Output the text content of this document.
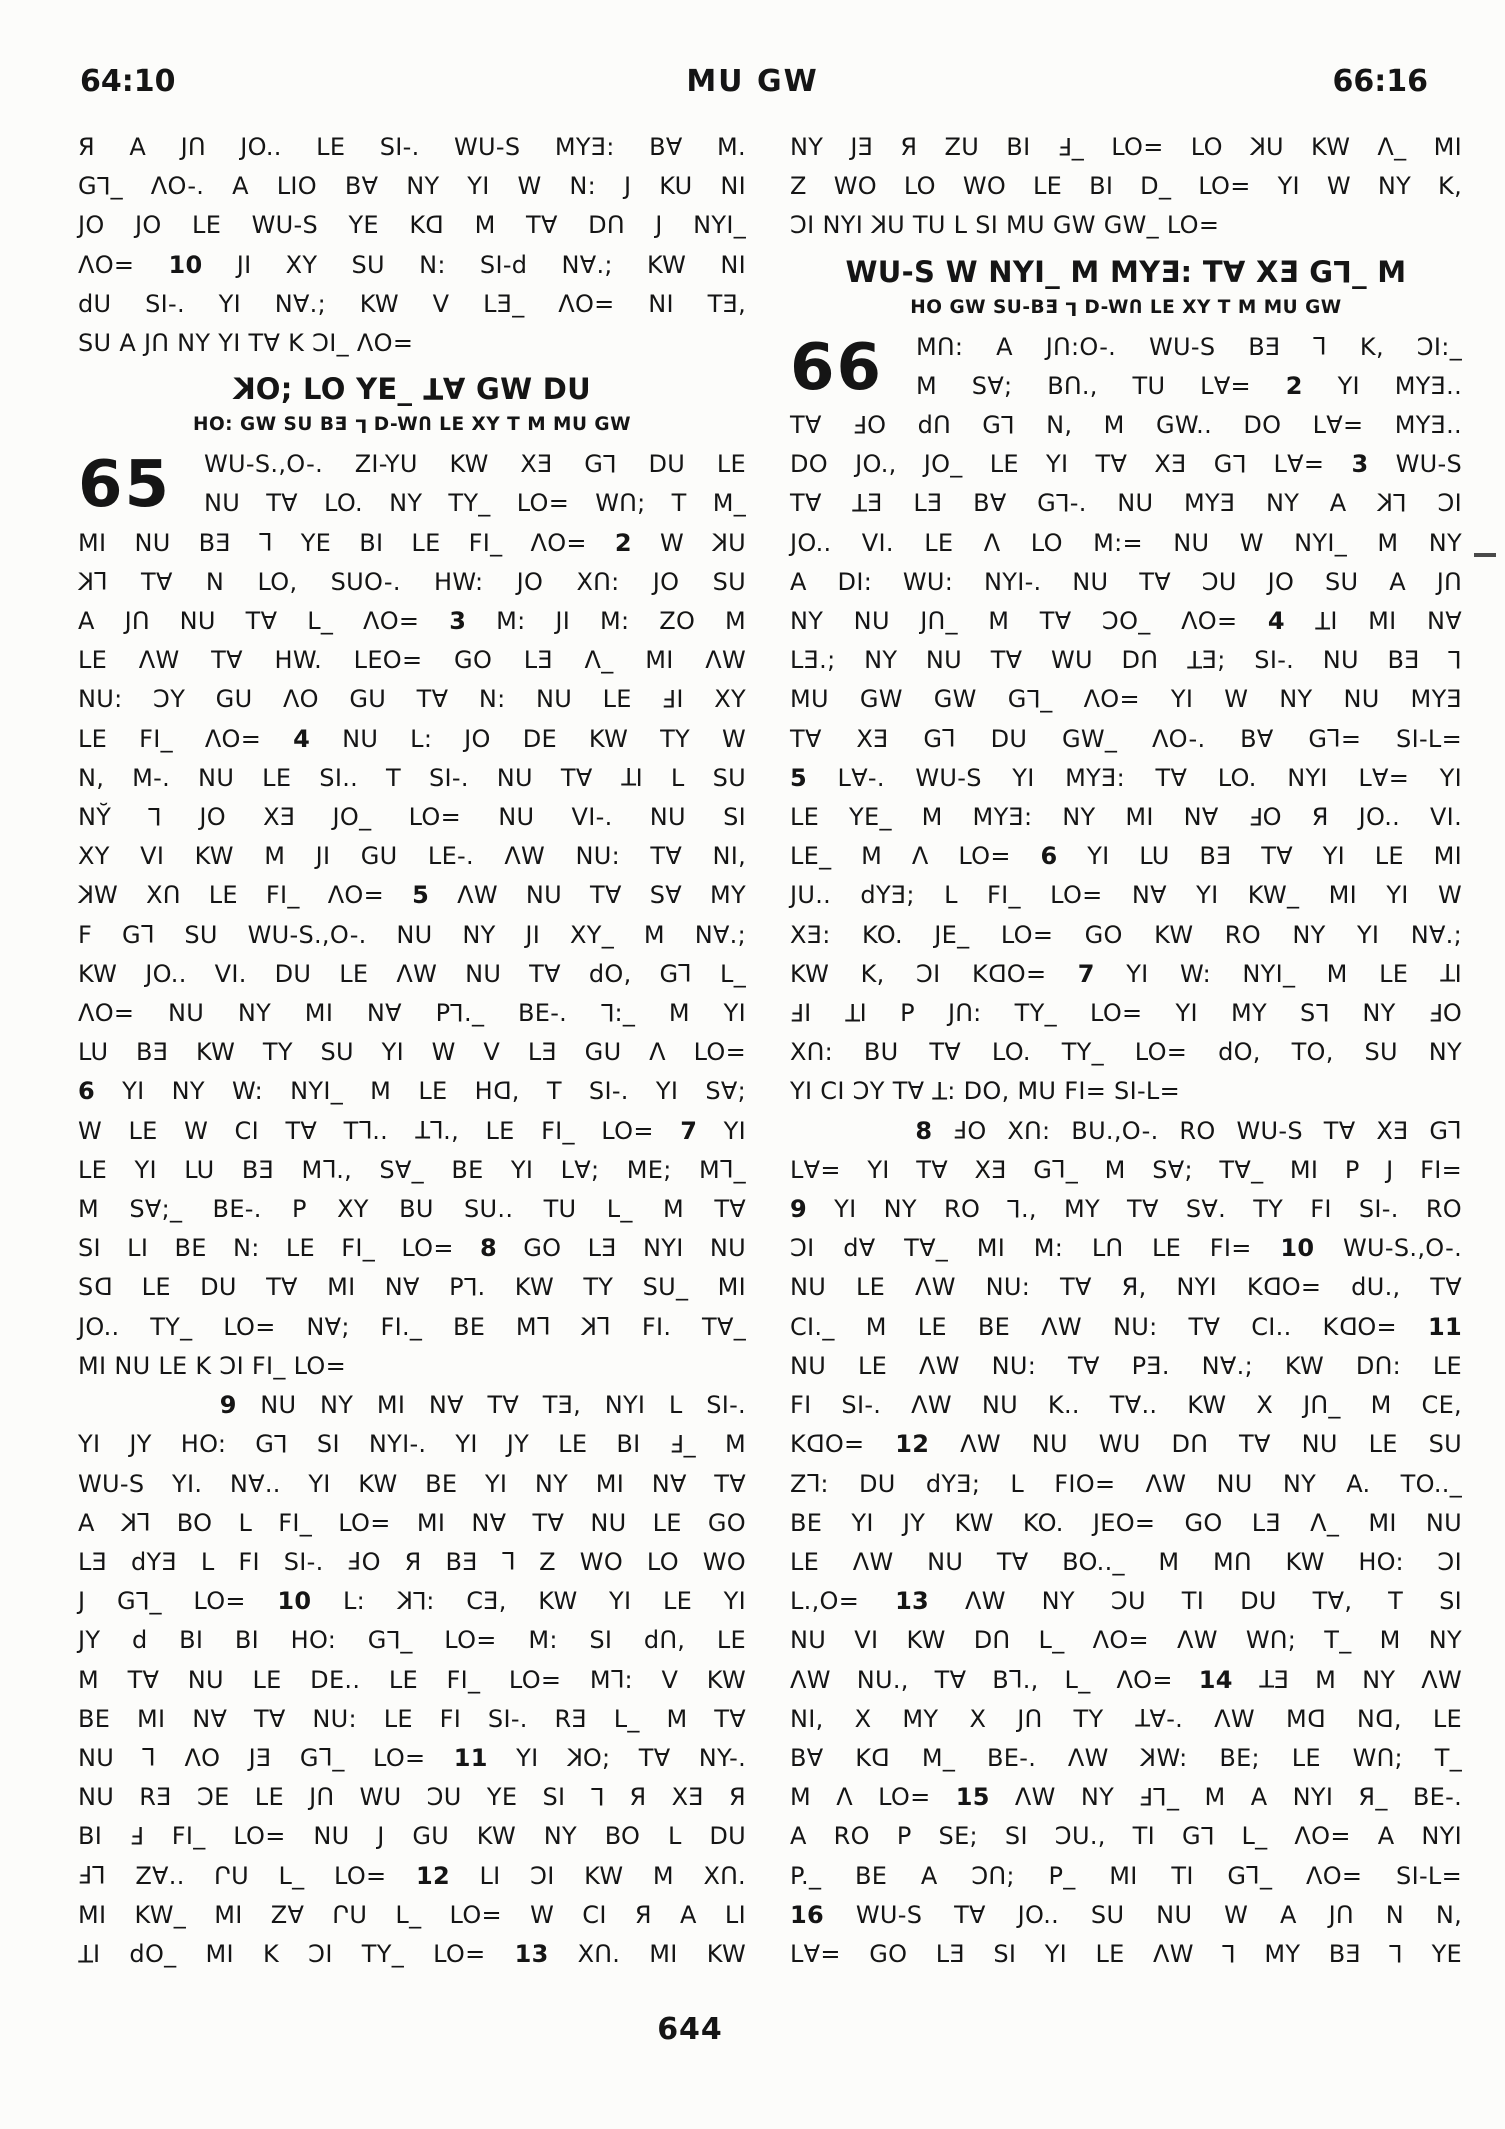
64:10	MU GW	66:16
Я A JՈ JO.. LE SI-. WU-S MYƎ: B∀ M.
GL_ ΛO-. A LIO B∀ NY YI W N: J KU NI
JO JO LE WU-S YE KD M T∀ DՈ J NYI_
ΛO= 10 JI XY SU N: SI-d N∀.; KW NI
dU SI-. YI N∀.; KW V LƎ_ ΛO= NI TƎ,
SU A JՈ NY YI T∀ K ƆI_ ΛO=
KO; LO YE_ T∀ GW DU
HO: GW SU BƎ L D-WՈ LE XY T M MU GW
65	WU-S.,O-. ZI-YU KW XƎ GL DU LE
NU T∀ LO. NY TY_ LO= WՈ; T M_
MI NU BƎ L YE BI LE FI_ ΛO= 2 W KU
KL T∀ N LO, SUO-. HW: JO XՈ: JO SU
A JՈ NU T∀ L_ ΛO= 3 M: JI M: ZO M
LE ΛW T∀ HW. LEO= GO LƎ Λ_ MI ΛW
NU: ƆY GU ΛO GU T∀ N: NU LE FI XY
LE FI_ ΛO= 4 NU L: JO DE KW TY W
N, M-. NU LE SI.. T SI-. NU T∀ TI L SU
NY̆ L JO XƎ JO_ LO= NU VI-. NU SI
XY VI KW M JI GU LE-. ΛW NU: T∀ NI,
KW XՈ LE FI_ ΛO= 5 ΛW NU T∀ S∀ MY
F GL SU WU-S.,O-. NU NY JI XY_ M N∀.;
KW JO.. VI. DU LE ΛW NU T∀ dO, GL L_
ΛO= NU NY MI N∀ PL._ BE-. L:_ M YI
LU BƎ KW TY SU YI W V LƎ GU Λ LO=
6 YI NY W: NYI_ M LE HD, T SI-. YI S∀;
W LE W CI T∀ TL.. TL., LE FI_ LO= 7 YI
LE YI LU BƎ ML., S∀_ BE YI L∀; ME; ML_
M S∀;_ BE-. P XY BU SU.. TU L_ M T∀
SI LI BE N: LE FI_ LO= 8 GO LƎ NYI NU
SD LE DU T∀ MI N∀ PL. KW TY SU_ MI
JO.. TY_ LO= N∀; FI._ BE ML KL FI. T∀_
MI NU LE K ƆI FI_ LO=
9 NU NY MI N∀ T∀ TƎ, NYI L SI-.
YI JY HO: GL SI NYI-. YI JY LE BI F_ M
WU-S YI. N∀.. YI KW BE YI NY MI N∀ T∀
A KL BO L FI_ LO= MI N∀ T∀ NU LE GO
LƎ dYƎ L FI SI-. FO Я BƎ L Z WO LO WO
J GL_ LO= 10 L: KL: CƎ, KW YI LE YI
JY d BI BI HO: GL_ LO= M: SI dՈ, LE
M T∀ NU LE DE.. LE FI_ LO= ML: V KW
BE MI N∀ T∀ NU: LE FI SI-. RƎ L_ M T∀
NU L ΛO JƎ GL_ LO= 11 YI KO; T∀ NY-.
NU RƎ ƆE LE JՈ WU ƆU YE SI L Я XƎ Я
BI F FI_ LO= NU J GU KW NY BO L DU
FL Z∀.. ՐU L_ LO= 12 LI ƆI KW M XՈ.
MI KW_ MI Z∀ ՐU L_ LO= W CI Я A LI
TI dO_ MI K ƆI TY_ LO= 13 XՈ. MI KW
NY JƎ Я ZU BI F_ LO= LO KU KW Λ_ MI
Z WO LO WO LE BI D_ LO= YI W NY K,
ƆI NYI KU TU L SI MU GW GW_ LO=
WU-S W NYI_ M MYƎ: T∀ XƎ GL_ M
HO GW SU-BƎ L D-WՈ LE XY T M MU GW
66	MՈ: A JՈ:O-. WU-S BƎ L K, ƆI:_
M S∀; BՈ., TU L∀= 2 YI MYƎ..
T∀ FO dՈ GL N, M GW.. DO L∀= MYƎ..
DO JO., JO_ LE YI T∀ XƎ GL L∀= 3 WU-S
T∀ TƎ LƎ B∀ GL-. NU MYƎ NY A KL ƆI
JO.. VI. LE Λ LO M:= NU W NYI_ M NY
A DI: WU: NYI-. NU T∀ ƆU JO SU A JՈ
NY NU JՈ_ M T∀ ƆO_ ΛO= 4 TI MI N∀
LƎ.; NY NU T∀ WU DՈ TƎ; SI-. NU BƎ L
MU GW GW GL_ ΛO= YI W NY NU MYƎ
T∀ XƎ GL DU GW_ ΛO-. B∀ GL= SI-L=
5 L∀-. WU-S YI MYƎ: T∀ LO. NYI L∀= YI
LE YE_ M MYƎ: NY MI N∀ FO Я JO.. VI.
LE_ M Λ LO= 6 YI LU BƎ T∀ YI LE MI
JU.. dYƎ; L FI_ LO= N∀ YI KW_ MI YI W
XƎ: KO. JE_ LO= GO KW RO NY YI N∀.;
KW K, ƆI KDO= 7 YI W: NYI_ M LE TI
FI TI P JՈ: TY_ LO= YI MY SL NY FO
XՈ: BU T∀ LO. TY_ LO= dO, TO, SU NY
YI CI ƆY T∀ T: DO, MU FI= SI-L=
8 FO XՈ: BU.,O-. RO WU-S T∀ XƎ GL
L∀= YI T∀ XƎ GL_ M S∀; T∀_ MI P J FI=
9 YI NY RO L., MY T∀ S∀. TY FI SI-. RO
ƆI d∀ T∀_ MI M: LՈ LE FI= 10 WU-S.,O-.
NU LE ΛW NU: T∀ Я, NYI KDO= dU., T∀
CI._ M LE BE ΛW NU: T∀ CI.. KDO= 11
NU LE ΛW NU: T∀ PƎ. N∀.; KW DՈ: LE
FI SI-. ΛW NU K.. T∀.. KW X JՈ_ M CE,
KDO= 12 ΛW NU WU DՈ T∀ NU LE SU
ZL: DU dYƎ; L FIO= ΛW NU NY A. TO.._
BE YI JY KW KO. JEO= GO LƎ Λ_ MI NU
LE ΛW NU T∀ BO.._ M MՈ KW HO: ƆI
L.,O= 13 ΛW NY ƆU TI DU T∀, T SI
NU VI KW DՈ L_ ΛO= ΛW WՈ; T_ M NY
ΛW NU., T∀ BL., L_ ΛO= 14 TƎ M NY ΛW
NI, X MY X JՈ TY T∀-. ΛW MD ND, LE
B∀ KD M_ BE-. ΛW KW: BE; LE WՈ; T_
M Λ LO= 15 ΛW NY FL_ M A NYI Я_ BE-.
A RO P SE; SI ƆU., TI GL L_ ΛO= A NYI
P._ BE A ƆՈ; P_ MI TI GL_ ΛO= SI-L=
16 WU-S T∀ JO.. SU NU W A JՈ N N,
L∀= GO LƎ SI YI LE ΛW L MY BƎ L YE
644
